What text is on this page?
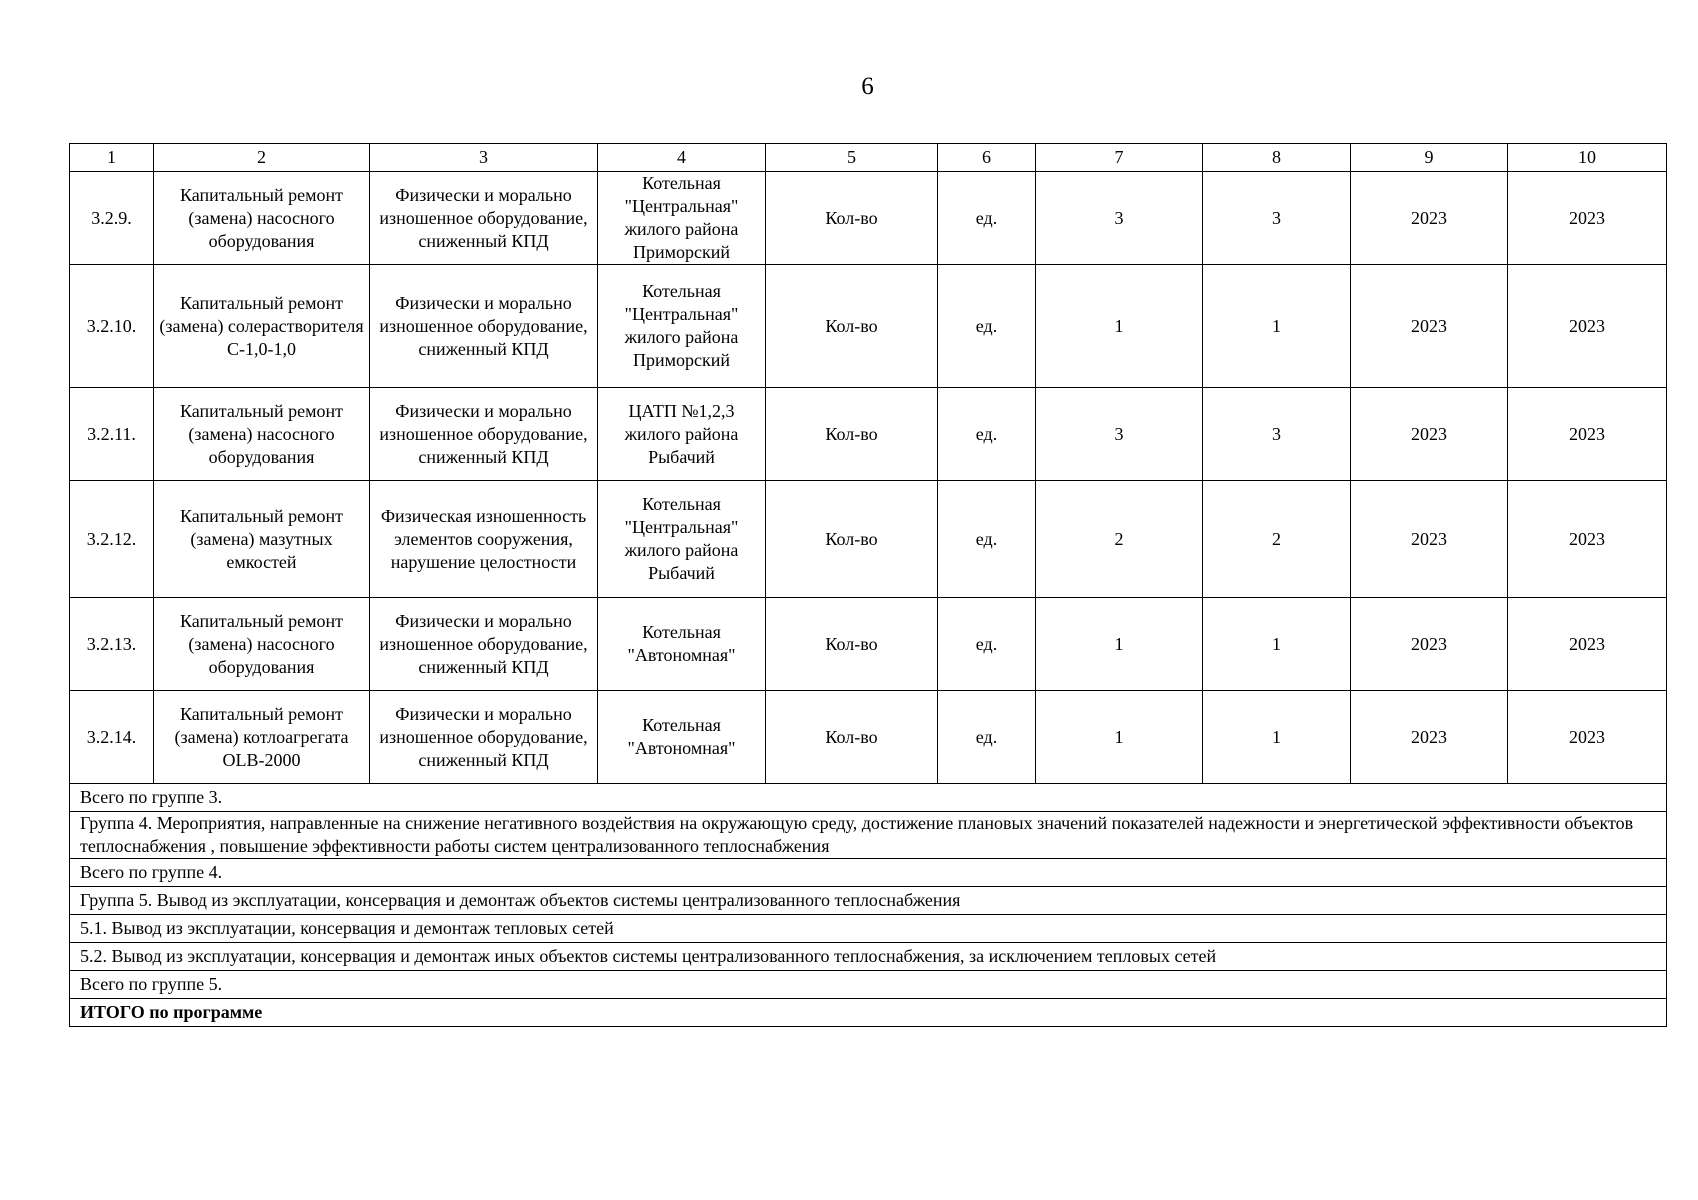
6
1	2	3	4	5	6	7	8	9	10
3.2.9.	Капитальный ремонт (замена) насосного оборудования	Физически и морально изношенное оборудование, сниженный КПД	Котельная "Центральная" жилого района Приморский	Кол-во	ед.	3	3	2023	2023
3.2.10.	Капитальный ремонт (замена) солерастворителя С-1,0-1,0	Физически и морально изношенное оборудование, сниженный КПД	Котельная "Центральная" жилого района Приморский	Кол-во	ед.	1	1	2023	2023
3.2.11.	Капитальный ремонт (замена) насосного оборудования	Физически и морально изношенное оборудование, сниженный КПД	ЦАТП №1,2,3 жилого района Рыбачий	Кол-во	ед.	3	3	2023	2023
3.2.12.	Капитальный ремонт (замена) мазутных емкостей	Физическая изношенность элементов сооружения, нарушение целостности	Котельная "Центральная" жилого района Рыбачий	Кол-во	ед.	2	2	2023	2023
3.2.13.	Капитальный ремонт (замена) насосного оборудования	Физически и морально изношенное оборудование, сниженный КПД	Котельная "Автономная"	Кол-во	ед.	1	1	2023	2023
3.2.14.	Капитальный ремонт (замена) котлоагрегата OLB-2000	Физически и морально изношенное оборудование, сниженный КПД	Котельная "Автономная"	Кол-во	ед.	1	1	2023	2023
Всего по группе 3.									
Группа 4. Мероприятия, направленные на снижение негативного воздействия на окружающую среду, достижение плановых значений показателей надежности и энергетической эффективности объектов теплоснабжения , повышение эффективности работы систем централизованного теплоснабжения									
Всего по группе 4.									
Группа 5. Вывод из эксплуатации, консервация и демонтаж объектов системы централизованного теплоснабжения									
5.1. Вывод из эксплуатации, консервация и демонтаж тепловых сетей									
5.2. Вывод из эксплуатации, консервация и демонтаж иных объектов системы централизованного теплоснабжения, за исключением тепловых сетей									
Всего по группе 5.									
ИТОГО по программе									
